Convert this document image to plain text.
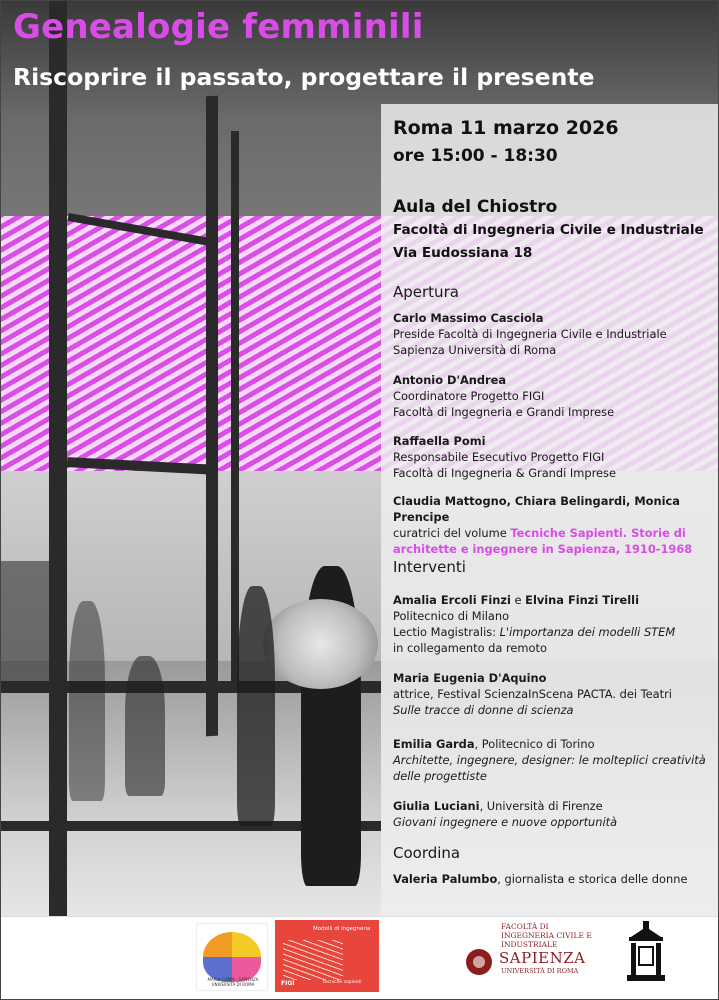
Genealogie femminili
Riscoprire il passato, progettare il presente
Roma 11 marzo 2026
ore 15:00 - 18:30
Aula del Chiostro
Facoltà di Ingegneria Civile e Industriale
Via Eudossiana 18
Apertura
Carlo Massimo Casciola
Preside Facoltà di Ingegneria Civile e Industriale
Sapienza Università di Roma
Antonio D'Andrea
Coordinatore Progetto FIGI
Facoltà di Ingegneria e Grandi Imprese
Raffaella Pomi
Responsabile Esecutivo Progetto FIGI
Facoltà di Ingegneria & Grandi Imprese
Claudia Mattogno, Chiara Belingardi, Monica Prencipe
curatrici del volume Tecniche Sapienti. Storie di architette e ingegnere in Sapienza, 1910-1968
Interventi
Amalia Ercoli Finzi e Elvina Finzi Tirelli
Politecnico di Milano
Lectio Magistralis: L'importanza dei modelli STEM
in collegamento da remoto
Maria Eugenia D'Aquino
attrice, Festival ScienzaInScena PACTA. dei Teatri
Sulle tracce di donne di scienza
Emilia Garda, Politecnico di Torino
Architette, ingegnere, designer: le molteplici creatività delle progettiste
Giulia Luciani, Università di Firenze
Giovani ingegnere e nuove opportunità
Coordina
Valeria Palumbo, giornalista e storica delle donne
MARIA COMM - SAPIENZA UNIVERSITÀ DI ROMA
Modelli di ingegneria
FIGI	tecniche sapienti
FACOLTÀ DI INGEGNERIA CIVILE E INDUSTRIALE
SAPIENZA
UNIVERSITÀ DI ROMA
